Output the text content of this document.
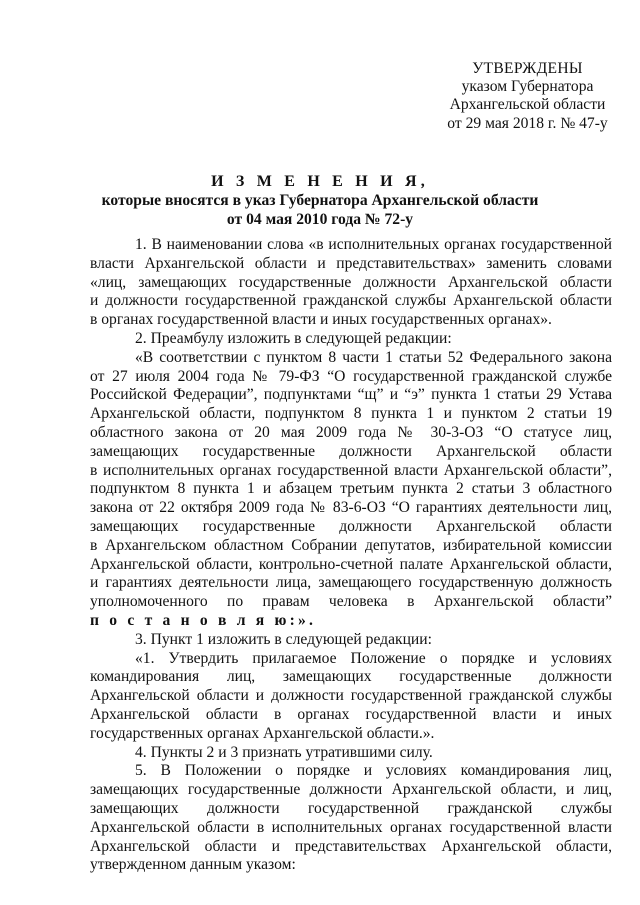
УТВЕРЖДЕНЫ
указом Губернатора
Архангельской области
от 29 мая 2018 г. № 47-у
И З М Е Н Е Н И Я,
которые вносятся в указ Губернатора Архангельской области
от 04 мая 2010 года № 72-у
1. В наименовании слова «в исполнительных органах государственной
власти Архангельской области и представительствах» заменить словами
«лиц, замещающих государственные должности Архангельской области
и должности государственной гражданской службы Архангельской области
в органах государственной власти и иных государственных органах».
2. Преамбулу изложить в следующей редакции:
«В соответствии с пунктом 8 части 1 статьи 52 Федерального закона
от 27 июля 2004 года № 79-ФЗ “О государственной гражданской службе
Российской Федерации”, подпунктами “щ” и “э” пункта 1 статьи 29 Устава
Архангельской области, подпунктом 8 пункта 1 и пунктом 2 статьи 19
областного закона от 20 мая 2009 года № 30-3-ОЗ “О статусе лиц,
замещающих государственные должности Архангельской области
в исполнительных органах государственной власти Архангельской области”,
подпунктом 8 пункта 1 и абзацем третьим пункта 2 статьи 3 областного
закона от 22 октября 2009 года № 83-6-ОЗ “О гарантиях деятельности лиц,
замещающих государственные должности Архангельской области
в Архангельском областном Собрании депутатов, избирательной комиссии
Архангельской области, контрольно-счетной палате Архангельской области,
и гарантиях деятельности лица, замещающего государственную должность
уполномоченного по правам человека в Архангельской области”
п о с т а н о в л я ю:».
3. Пункт 1 изложить в следующей редакции:
«1. Утвердить прилагаемое Положение о порядке и условиях
командирования лиц, замещающих государственные должности
Архангельской области и должности государственной гражданской службы
Архангельской области в органах государственной власти и иных
государственных органах Архангельской области.».
4. Пункты 2 и 3 признать утратившими силу.
5. В Положении о порядке и условиях командирования лиц,
замещающих государственные должности Архангельской области, и лиц,
замещающих должности государственной гражданской службы
Архангельской области в исполнительных органах государственной власти
Архангельской области и представительствах Архангельской области,
утвержденном данным указом:
